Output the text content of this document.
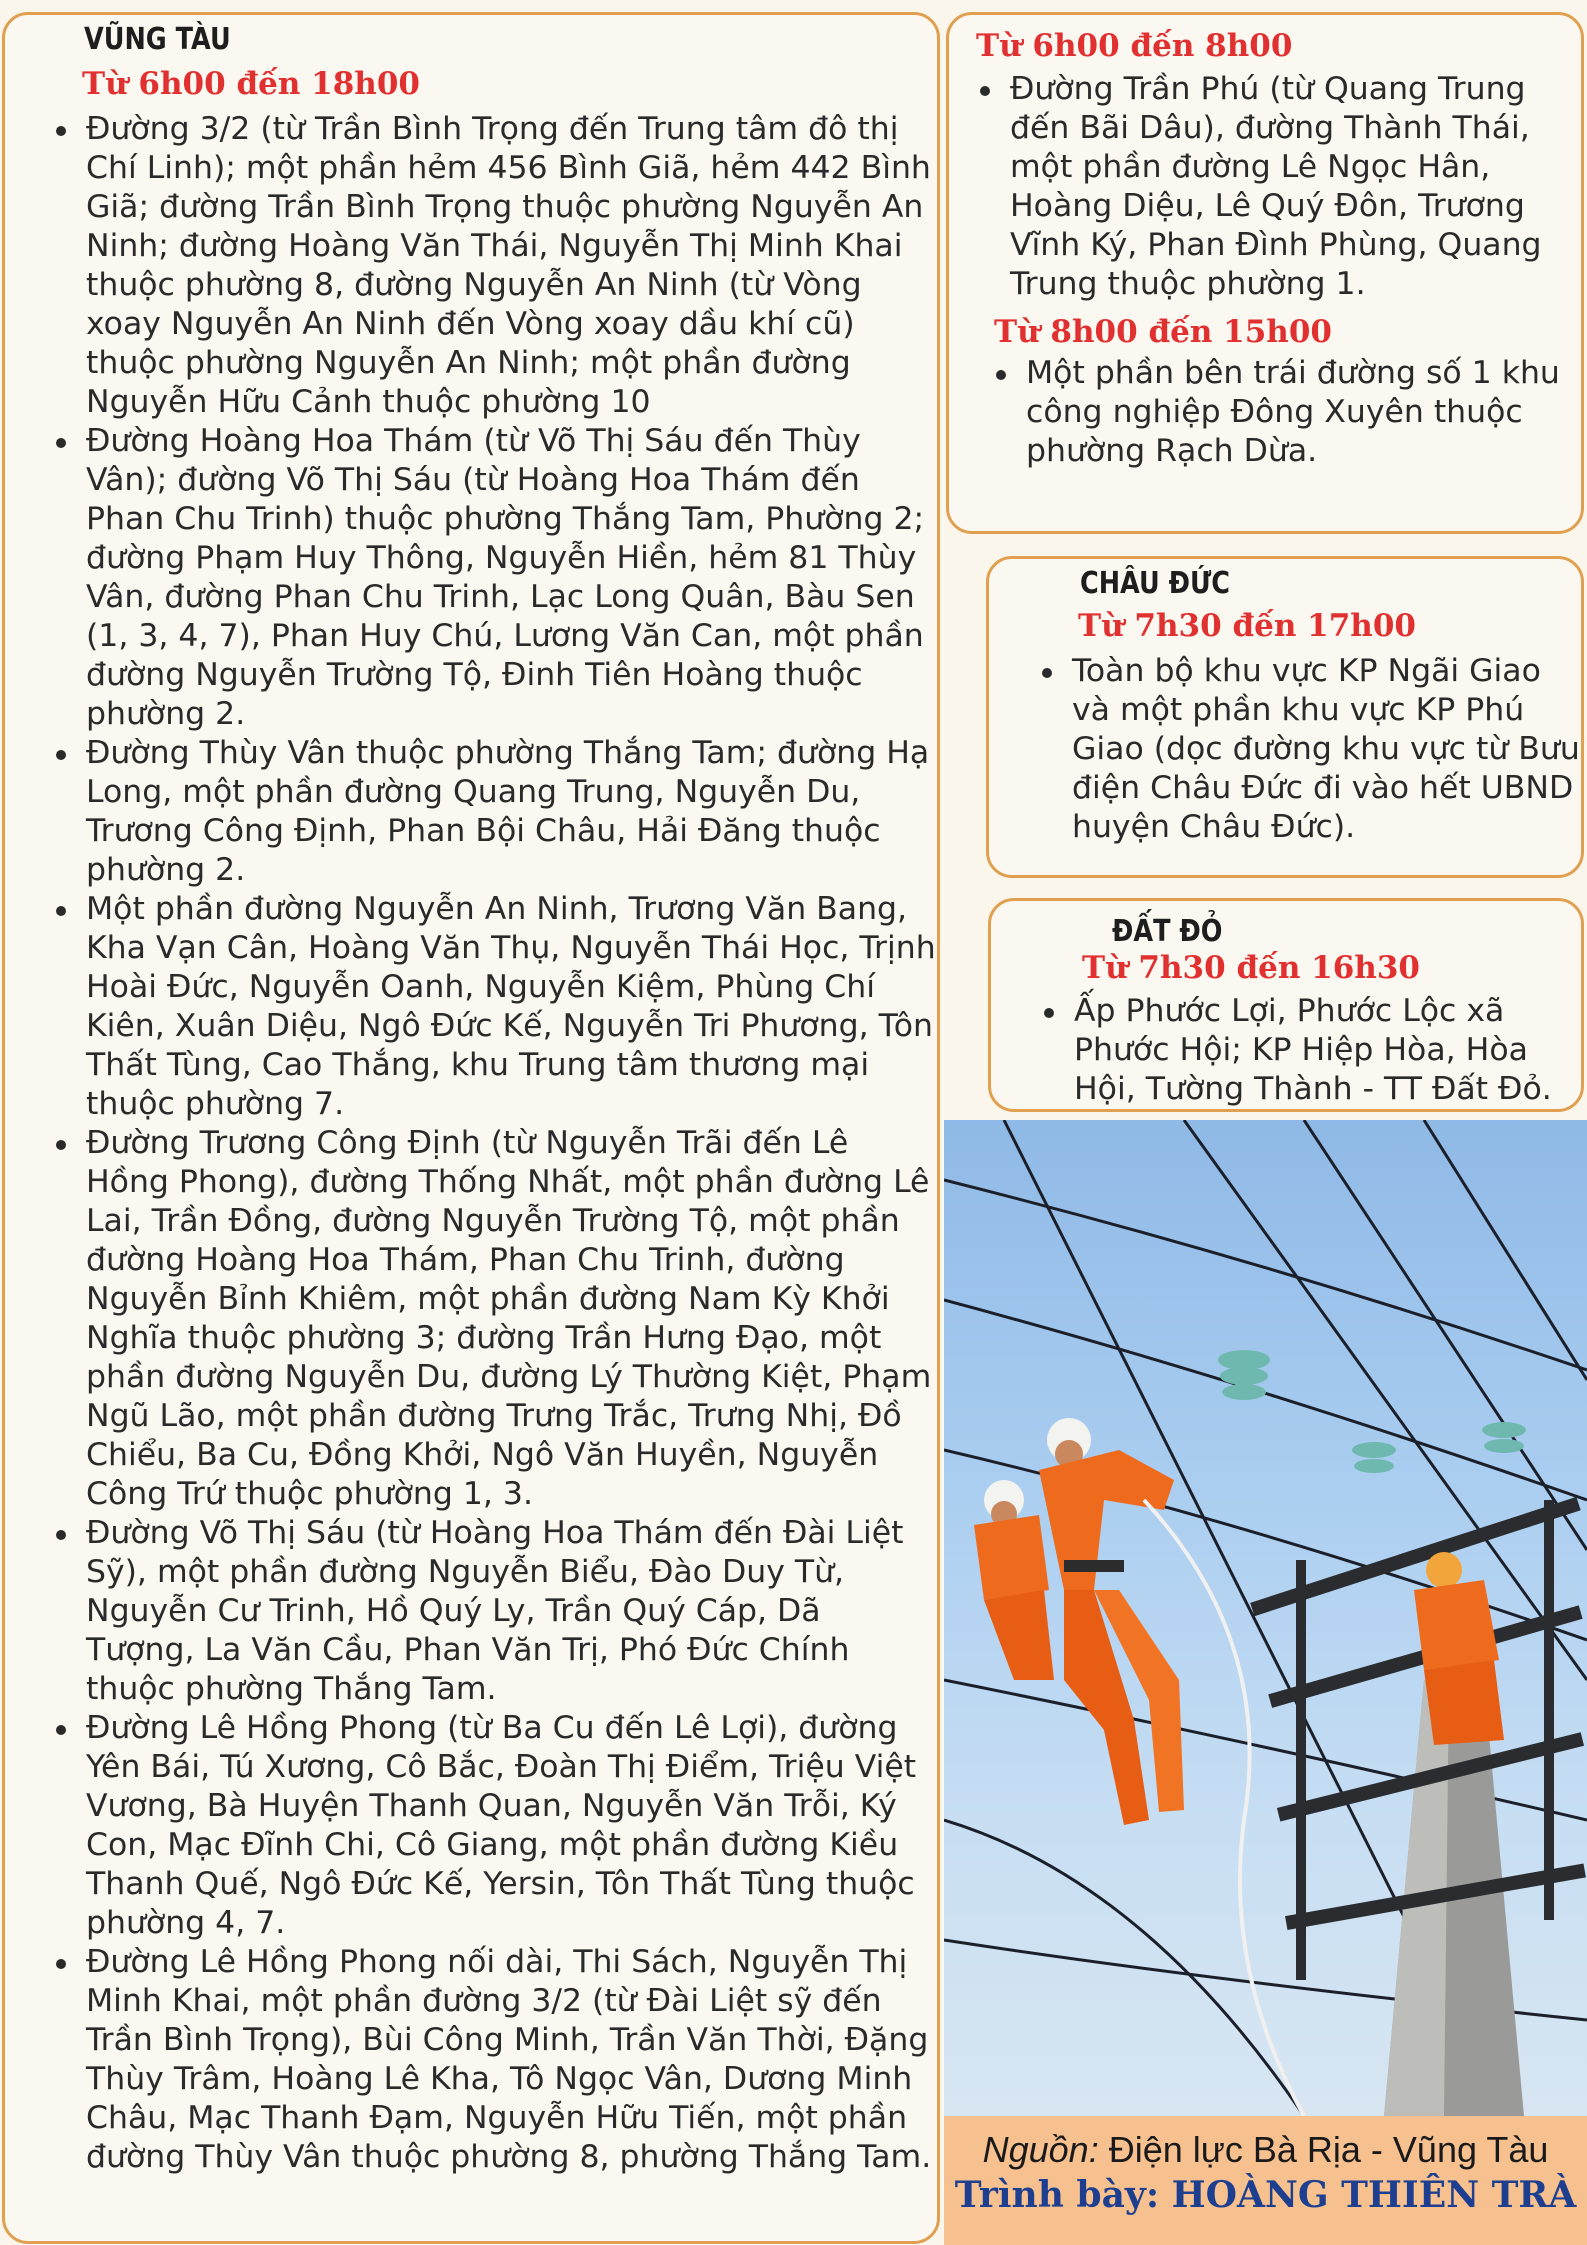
VŨNG TÀU
Từ 6h00 đến 18h00
Đường 3/2 (từ Trần Bình Trọng đến Trung tâm đô thị Chí Linh); một phần hẻm 456 Bình Giã, hẻm 442 Bình Giã; đường Trần Bình Trọng thuộc phường Nguyễn An Ninh; đường Hoàng Văn Thái, Nguyễn Thị Minh Khai thuộc phường 8, đường Nguyễn An Ninh (từ Vòng xoay Nguyễn An Ninh đến Vòng xoay dầu khí cũ) thuộc phường Nguyễn An Ninh; một phần đường Nguyễn Hữu Cảnh thuộc phường 10
Đường Hoàng Hoa Thám (từ Võ Thị Sáu đến Thùy Vân); đường Võ Thị Sáu (từ Hoàng Hoa Thám đến Phan Chu Trinh) thuộc phường Thắng Tam, Phường 2; đường Phạm Huy Thông, Nguyễn Hiền, hẻm 81 Thùy Vân, đường Phan Chu Trinh, Lạc Long Quân, Bàu Sen (1, 3, 4, 7), Phan Huy Chú, Lương Văn Can, một phần đường Nguyễn Trường Tộ, Đinh Tiên Hoàng thuộc phường 2.
Đường Thùy Vân thuộc phường Thắng Tam; đường Hạ Long, một phần đường Quang Trung, Nguyễn Du, Trương Công Định, Phan Bội Châu, Hải Đăng thuộc phường 2.
Một phần đường Nguyễn An Ninh, Trương Văn Bang, Kha Vạn Cân, Hoàng Văn Thụ, Nguyễn Thái Học, Trịnh Hoài Đức, Nguyễn Oanh, Nguyễn Kiệm, Phùng Chí Kiên, Xuân Diệu, Ngô Đức Kế, Nguyễn Tri Phương, Tôn Thất Tùng, Cao Thắng, khu Trung tâm thương mại thuộc phường 7.
Đường Trương Công Định (từ Nguyễn Trãi đến Lê Hồng Phong), đường Thống Nhất, một phần đường Lê Lai, Trần Đồng, đường Nguyễn Trường Tộ, một phần đường Hoàng Hoa Thám, Phan Chu Trinh, đường Nguyễn Bỉnh Khiêm, một phần đường Nam Kỳ Khởi Nghĩa thuộc phường 3; đường Trần Hưng Đạo, một phần đường Nguyễn Du, đường Lý Thường Kiệt, Phạm Ngũ Lão, một phần đường Trưng Trắc, Trưng Nhị, Đồ Chiểu, Ba Cu, Đồng Khởi, Ngô Văn Huyền, Nguyễn Công Trứ thuộc phường 1, 3.
Đường Võ Thị Sáu (từ Hoàng Hoa Thám đến Đài Liệt Sỹ), một phần đường Nguyễn Biểu, Đào Duy Từ, Nguyễn Cư Trinh, Hồ Quý Ly, Trần Quý Cáp, Dã Tượng, La Văn Cầu, Phan Văn Trị, Phó Đức Chính thuộc phường Thắng Tam.
Đường Lê Hồng Phong (từ Ba Cu đến Lê Lợi), đường Yên Bái, Tú Xương, Cô Bắc, Đoàn Thị Điểm, Triệu Việt Vương, Bà Huyện Thanh Quan, Nguyễn Văn Trỗi, Ký Con, Mạc Đĩnh Chi, Cô Giang, một phần đường Kiều Thanh Quế, Ngô Đức Kế, Yersin, Tôn Thất Tùng thuộc phường 4, 7.
Đường Lê Hồng Phong nối dài, Thi Sách, Nguyễn Thị Minh Khai, một phần đường 3/2 (từ Đài Liệt sỹ đến Trần Bình Trọng), Bùi Công Minh, Trần Văn Thời, Đặng Thùy Trâm, Hoàng Lê Kha, Tô Ngọc Vân, Dương Minh Châu, Mạc Thanh Đạm, Nguyễn Hữu Tiến, một phần đường Thùy Vân thuộc phường 8, phường Thắng Tam.
Từ 6h00 đến 8h00
Đường Trần Phú (từ Quang Trung đến Bãi Dâu), đường Thành Thái, một phần đường Lê Ngọc Hân, Hoàng Diệu, Lê Quý Đôn, Trương Vĩnh Ký, Phan Đình Phùng, Quang Trung thuộc phường 1.
Từ 8h00 đến 15h00
Một phần bên trái đường số 1 khu công nghiệp Đông Xuyên thuộc phường Rạch Dừa.
CHÂU ĐỨC
Từ 7h30 đến 17h00
Toàn bộ khu vực KP Ngãi Giao và một phần khu vực KP Phú Giao (dọc đường khu vực từ Bưu điện Châu Đức đi vào hết UBND huyện Châu Đức).
ĐẤT ĐỎ
Từ 7h30 đến 16h30
Ấp Phước Lợi, Phước Lộc xã Phước Hội; KP Hiệp Hòa, Hòa Hội, Tường Thành - TT Đất Đỏ.
Nguồn: Điện lực Bà Rịa - Vũng Tàu
Trình bày: HOÀNG THIÊN TRÀ
